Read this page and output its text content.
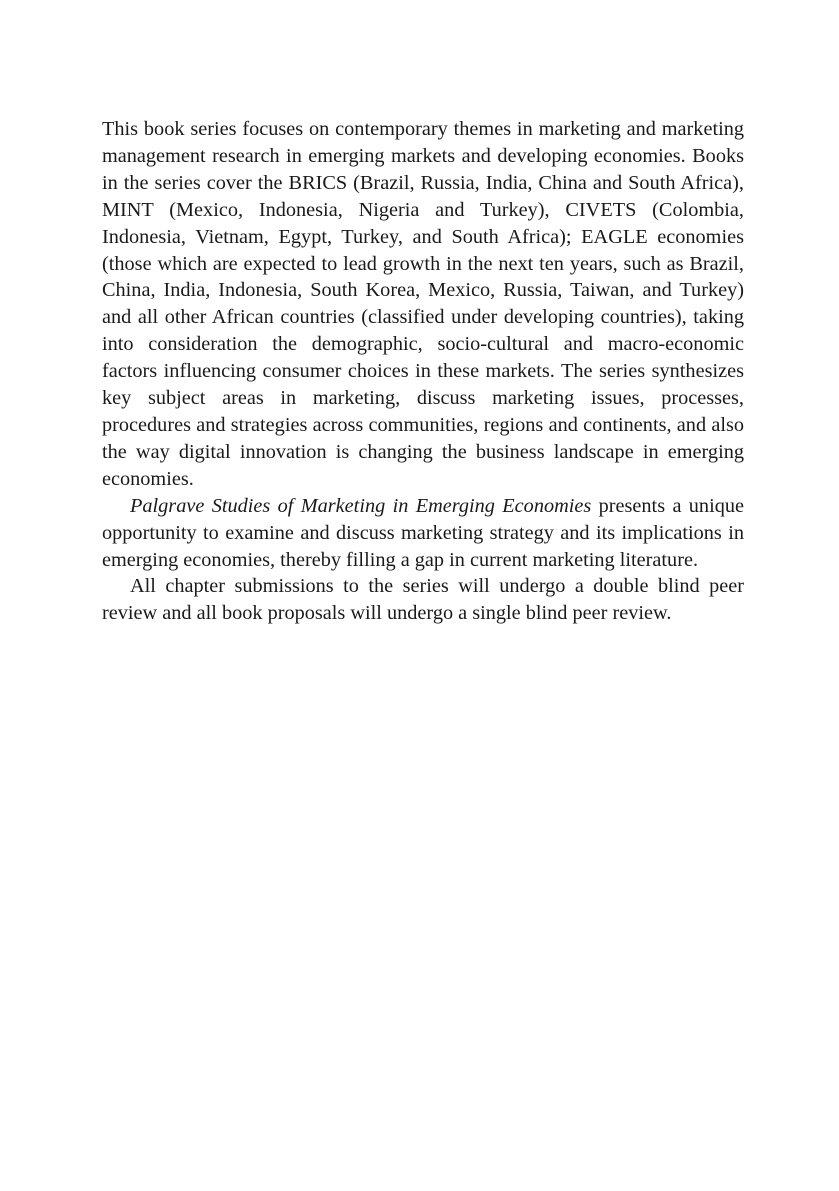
This book series focuses on contemporary themes in marketing and marketing management research in emerging markets and developing economies. Books in the series cover the BRICS (Brazil, Russia, India, China and South Africa), MINT (Mexico, Indonesia, Nigeria and Turkey), CIVETS (Colombia, Indonesia, Vietnam, Egypt, Turkey, and South Africa); EAGLE economies (those which are expected to lead growth in the next ten years, such as Brazil, China, India, Indonesia, South Korea, Mexico, Russia, Taiwan, and Turkey) and all other African countries (classified under developing countries), taking into consideration the demographic, socio-cultural and macro-economic factors influencing consumer choices in these markets. The series synthesizes key subject areas in marketing, discuss marketing issues, processes, procedures and strategies across communities, regions and continents, and also the way digital innovation is changing the business landscape in emerging economies.

Palgrave Studies of Marketing in Emerging Economies presents a unique opportunity to examine and discuss marketing strategy and its implications in emerging economies, thereby filling a gap in current marketing literature.

All chapter submissions to the series will undergo a double blind peer review and all book proposals will undergo a single blind peer review.
